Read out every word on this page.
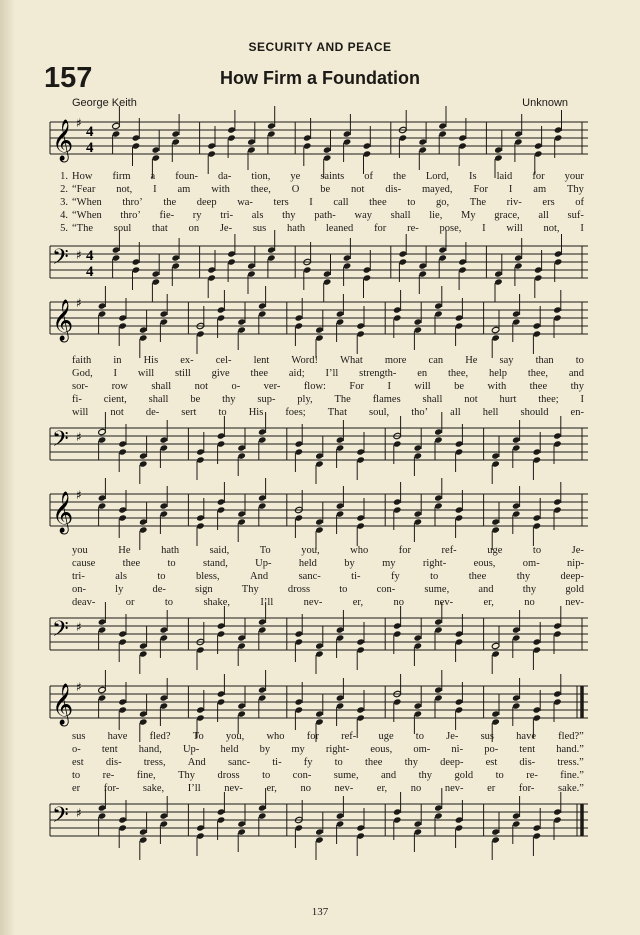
SECURITY AND PEACE
157	How Firm a Foundation
George Keith	Unknown
𝄞 ♯
4
4
1. How firm a foun- da- tion, ye saints of the Lord, Is laid for your
2. “Fear not, I am with thee, O be not dis- mayed, For I am Thy
3. “When thro’ the deep wa- ters I call thee to go, The riv- ers of
4. “When thro’ fie- ry tri- als thy path- way shall lie, My grace, all suf-
5. “The soul that on Je- sus hath leaned for re- pose, I will not, I
𝄢 ♯ 4
4
𝄞 ♯
faith in His ex- cel- lent Word! What more can He say than to
God, I will still give thee aid; I’ll strength- en thee, help thee, and
sor- row shall not o- ver- flow: For I will be with thee thy
fi- cient, shall be thy sup- ply, The flames shall not hurt thee; I
will not de- sert to His foes; That soul, tho’ all hell should en-
𝄢 ♯
𝄞 ♯
you	He	hath	said,	To	you,	who	for	ref-	uge	to	Je-
cause	thee	to	stand,	Up-	held	by	my	right-	eous,	om-	nip-
tri-	als	to	bless,	And	sanc-	ti-	fy	to	thee	thy	deep-
on-	ly	de-	sign	Thy	dross	to	con-	sume,	and	thy	gold
deav-	or	to	shake,	I’ll	nev-	er,	no	nev-	er,	no	nev-
𝄢 ♯
𝄞 ♯
sus have fled? To you, who for ref- uge to Je- sus have fled?”
o- tent hand, Up- held by my right- eous, om- ni- po- tent hand.”
est dis- tress, And sanc- ti- fy to thee thy deep- est dis- tress.”
to re- fine, Thy dross to con- sume, and thy gold to re- fine.”
er for- sake, I’ll nev- er, no nev- er, no nev- er for- sake.”
𝄢 ♯
137
